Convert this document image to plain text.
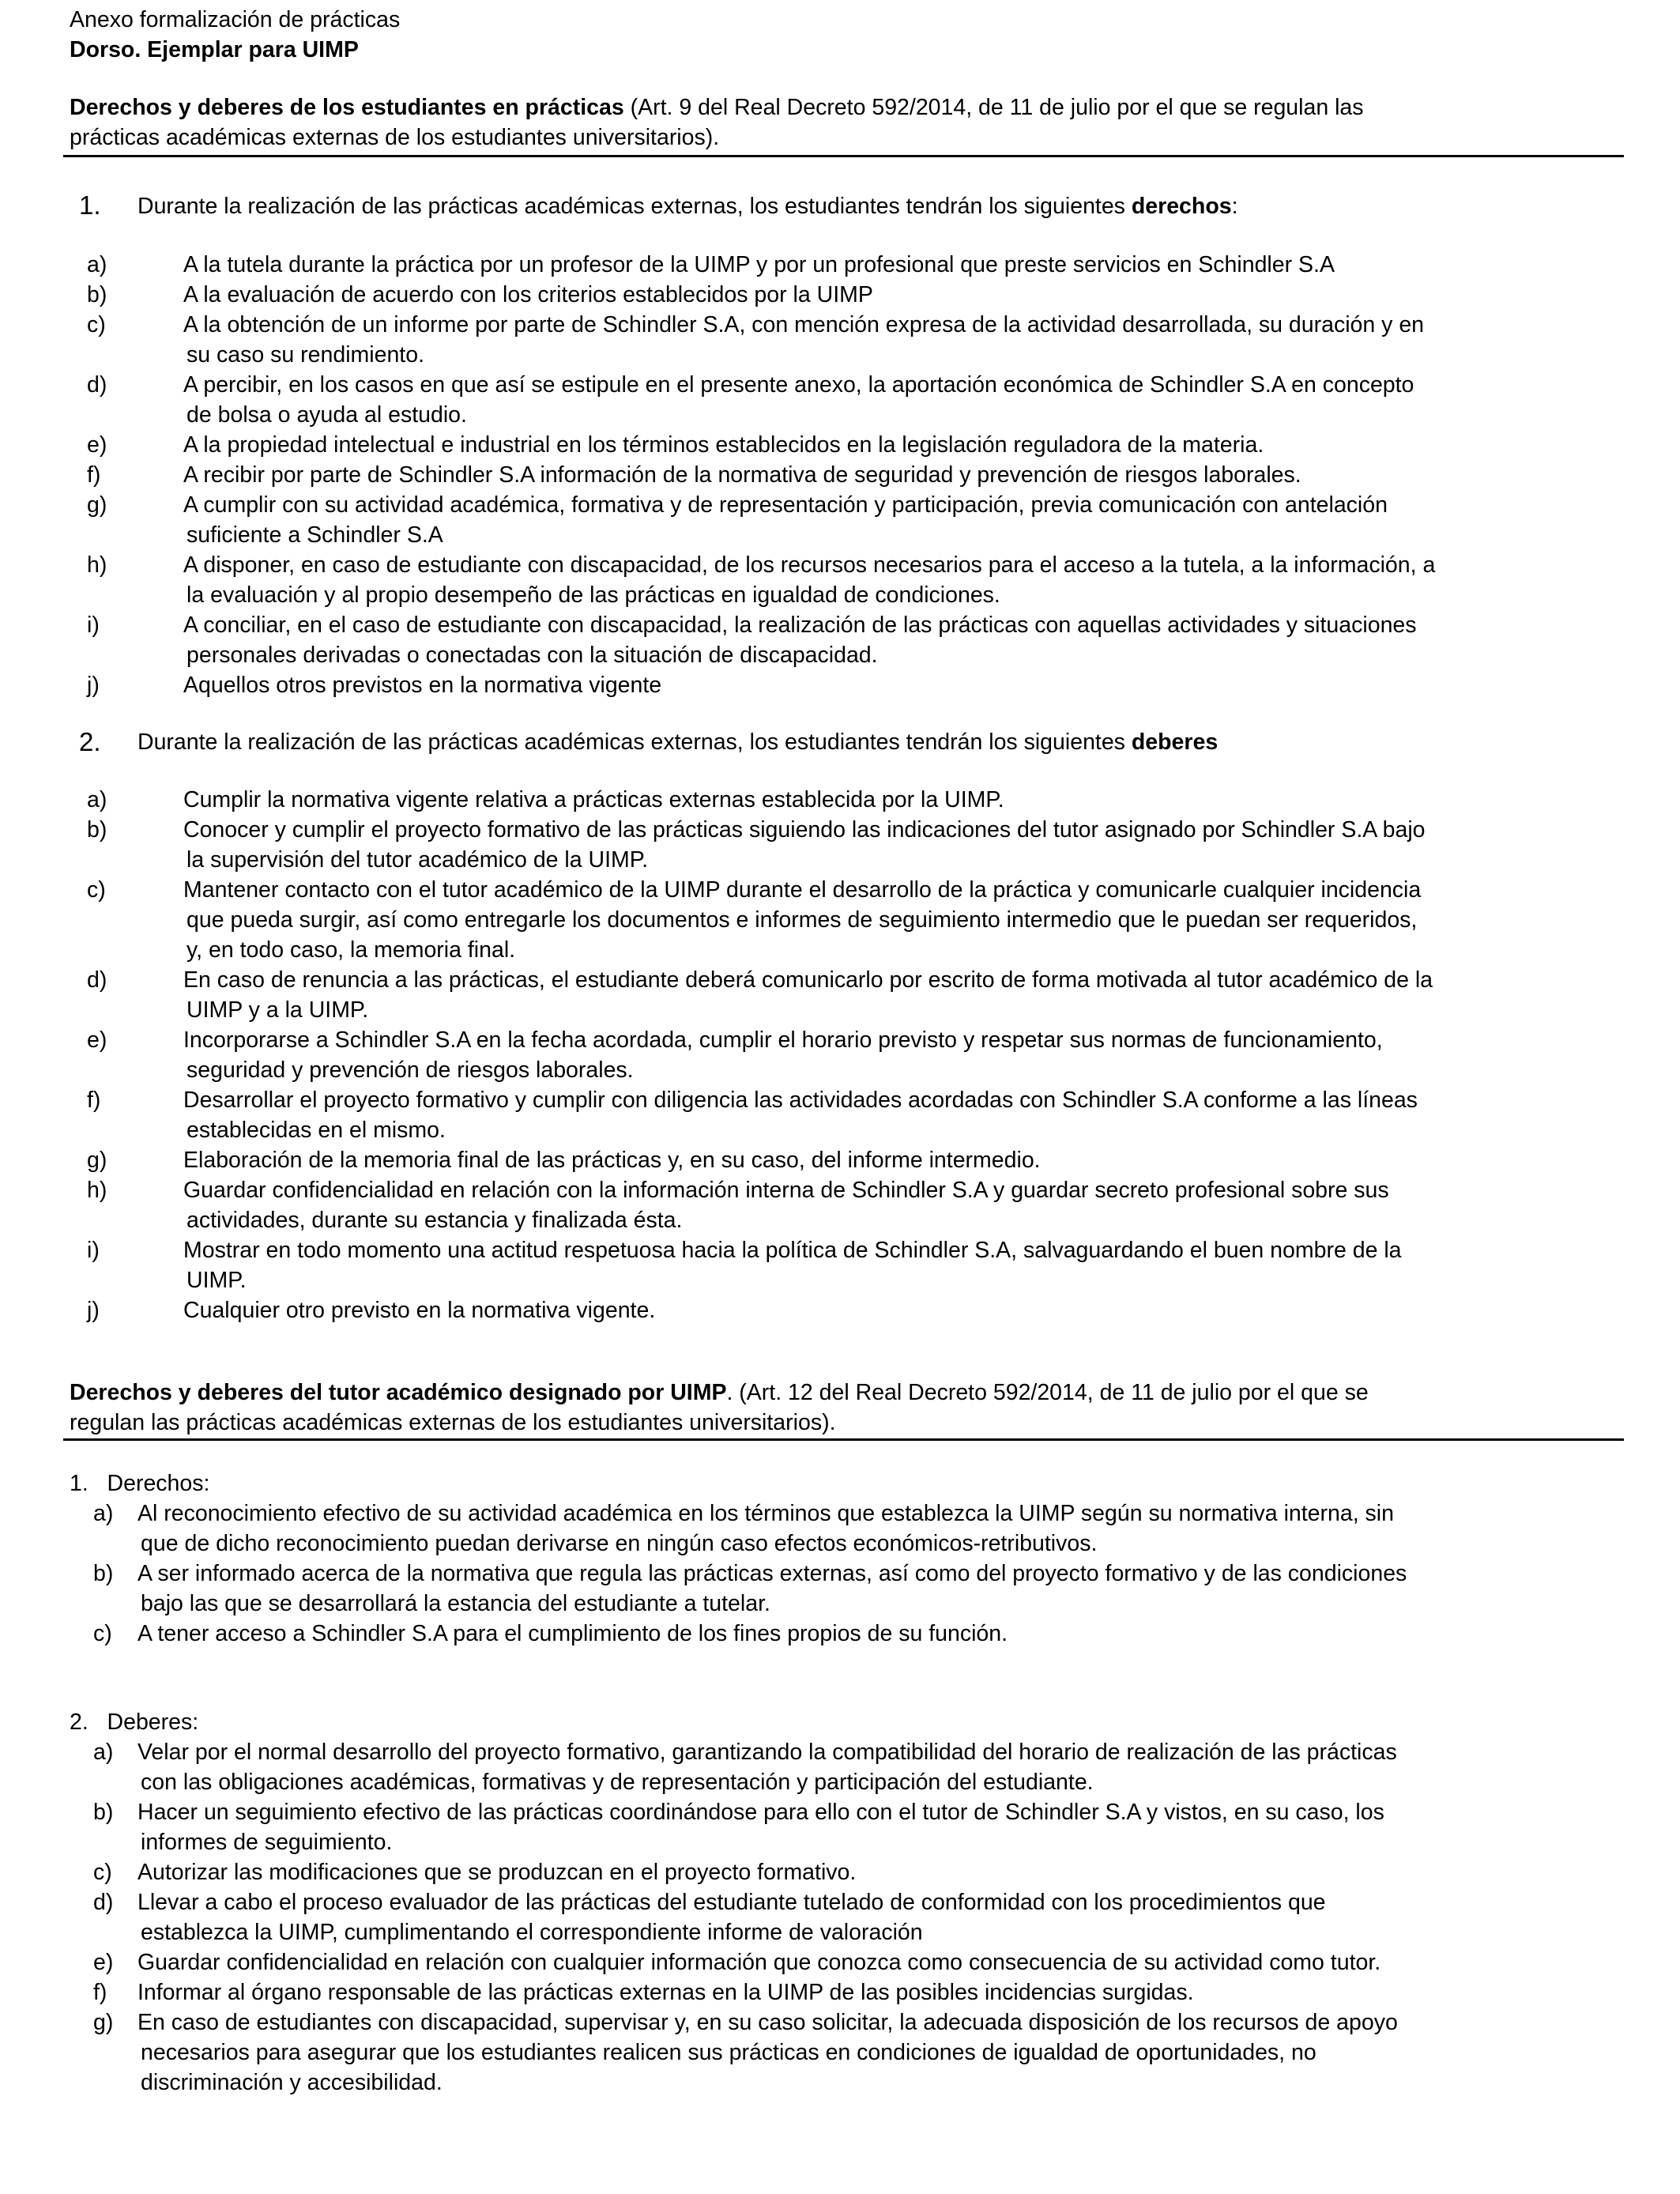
Anexo formalización de prácticas
Dorso. Ejemplar para UIMP
Derechos y deberes de los estudiantes en prácticas (Art. 9 del Real Decreto 592/2014, de 11 de julio por el que se regulan las
prácticas académicas externas de los estudiantes universitarios).
1. Durante la realización de las prácticas académicas externas, los estudiantes tendrán los siguientes derechos:
a)	A la tutela durante la práctica por un profesor de la UIMP y por un profesional que preste servicios en Schindler S.A
b)	A la evaluación de acuerdo con los criterios establecidos por la UIMP
c)	A la obtención de un informe por parte de Schindler S.A, con mención expresa de la actividad desarrollada, su duración y en
su caso su rendimiento.
d)	A percibir, en los casos en que así se estipule en el presente anexo, la aportación económica de Schindler S.A en concepto
de bolsa o ayuda al estudio.
e)	A la propiedad intelectual e industrial en los términos establecidos en la legislación reguladora de la materia.
f)	A recibir por parte de Schindler S.A información de la normativa de seguridad y prevención de riesgos laborales.
g)	A cumplir con su actividad académica, formativa y de representación y participación, previa comunicación con antelación
suficiente a Schindler S.A
h)	A disponer, en caso de estudiante con discapacidad, de los recursos necesarios para el acceso a la tutela, a la información, a
la evaluación y al propio desempeño de las prácticas en igualdad de condiciones.
i)	A conciliar, en el caso de estudiante con discapacidad, la realización de las prácticas con aquellas actividades y situaciones
personales derivadas o conectadas con la situación de discapacidad.
j)	Aquellos otros previstos en la normativa vigente
2. Durante la realización de las prácticas académicas externas, los estudiantes tendrán los siguientes deberes
a)	Cumplir la normativa vigente relativa a prácticas externas establecida por la UIMP.
b)	Conocer y cumplir el proyecto formativo de las prácticas siguiendo las indicaciones del tutor asignado por Schindler S.A bajo
la supervisión del tutor académico de la UIMP.
c)	Mantener contacto con el tutor académico de la UIMP durante el desarrollo de la práctica y comunicarle cualquier incidencia
que pueda surgir, así como entregarle los documentos e informes de seguimiento intermedio que le puedan ser requeridos,
y, en todo caso, la memoria final.
d)	En caso de renuncia a las prácticas, el estudiante deberá comunicarlo por escrito de forma motivada al tutor académico de la
UIMP y a la UIMP.
e)	Incorporarse a Schindler S.A en la fecha acordada, cumplir el horario previsto y respetar sus normas de funcionamiento,
seguridad y prevención de riesgos laborales.
f)	Desarrollar el proyecto formativo y cumplir con diligencia las actividades acordadas con Schindler S.A conforme a las líneas
establecidas en el mismo.
g)	Elaboración de la memoria final de las prácticas y, en su caso, del informe intermedio.
h)	Guardar confidencialidad en relación con la información interna de Schindler S.A y guardar secreto profesional sobre sus
actividades, durante su estancia y finalizada ésta.
i)	Mostrar en todo momento una actitud respetuosa hacia la política de Schindler S.A, salvaguardando el buen nombre de la
UIMP.
j)	Cualquier otro previsto en la normativa vigente.
Derechos y deberes del tutor académico designado por UIMP. (Art. 12 del Real Decreto 592/2014, de 11 de julio por el que se
regulan las prácticas académicas externas de los estudiantes universitarios).
1.   Derechos:
a) Al reconocimiento efectivo de su actividad académica en los términos que establezca la UIMP según su normativa interna, sin
que de dicho reconocimiento puedan derivarse en ningún caso efectos económicos-retributivos.
b) A ser informado acerca de la normativa que regula las prácticas externas, así como del proyecto formativo y de las condiciones
bajo las que se desarrollará la estancia del estudiante a tutelar.
c) A tener acceso a Schindler S.A para el cumplimiento de los fines propios de su función.
2.   Deberes:
a) Velar por el normal desarrollo del proyecto formativo, garantizando la compatibilidad del horario de realización de las prácticas
con las obligaciones académicas, formativas y de representación y participación del estudiante.
b) Hacer un seguimiento efectivo de las prácticas coordinándose para ello con el tutor de Schindler S.A y vistos, en su caso, los
informes de seguimiento.
c) Autorizar las modificaciones que se produzcan en el proyecto formativo.
d) Llevar a cabo el proceso evaluador de las prácticas del estudiante tutelado de conformidad con los procedimientos que
establezca la UIMP, cumplimentando el correspondiente informe de valoración
e) Guardar confidencialidad en relación con cualquier información que conozca como consecuencia de su actividad como tutor.
f) Informar al órgano responsable de las prácticas externas en la UIMP de las posibles incidencias surgidas.
g) En caso de estudiantes con discapacidad, supervisar y, en su caso solicitar, la adecuada disposición de los recursos de apoyo
necesarios para asegurar que los estudiantes realicen sus prácticas en condiciones de igualdad de oportunidades, no
discriminación y accesibilidad.
